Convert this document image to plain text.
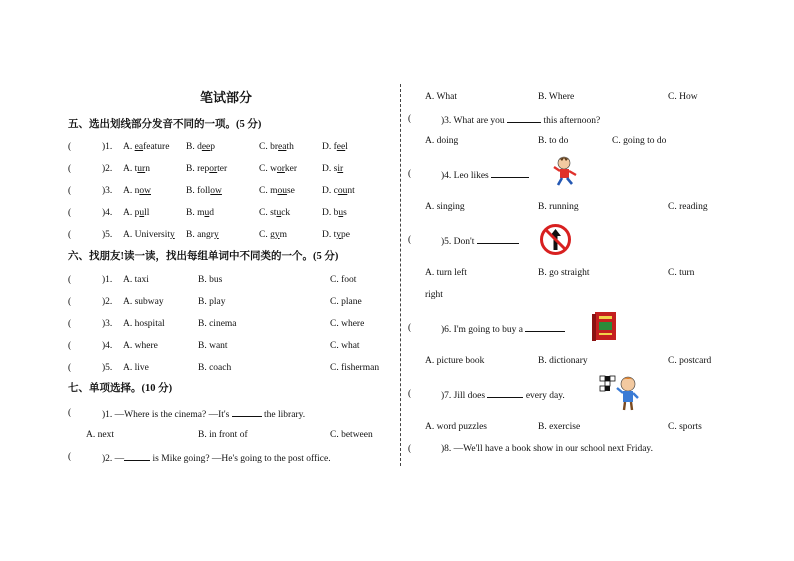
笔试部分
五、选出划线部分发音不同的一项。(5 分)
(	)1. A. eafeature B. deep	C. breath	D. feel
(	)2. A. turn	B. reporter	C. worker	D. sir
(	)3. A. now	B. follow	C. mouse	D. count
(	)4. A. pull	B. mud	C. stuck	D. bus
(	)5. A. University B. angry	C. gym	D. type
六、找朋友!读一读，找出每组单词中不同类的一个。(5 分)
(	)1. A. taxi	B. bus	C. foot
(	)2. A. subway	B. play	C. plane
(	)3. A. hospital	B. cinema	C. where
(	)4. A. where	B. want	C. what
(	)5. A. live	B. coach	C. fisherman
七、单项选择。(10 分)
(	)1. —Where is the cinema? —It's	the library.
A. next	B. in front of	C. between
(	)2. —	is Mike going? —He's going to the post office.
A. What	B. Where	C. How
(	)3. What are you	this afternoon?
A. doing	B. to do	C. going to do
(	)4. Leo likes
A. singing	B. running	C. reading
(	)5. Don't
A. turn left	B. go straight	C. turn
right
(	)6. I'm going to buy a
A. picture book	B. dictionary	C. postcard
(	)7. Jill does	every day.
A. word puzzles	B. exercise	C. sports
(	)8. —We'll have a book show in our school next Friday.
